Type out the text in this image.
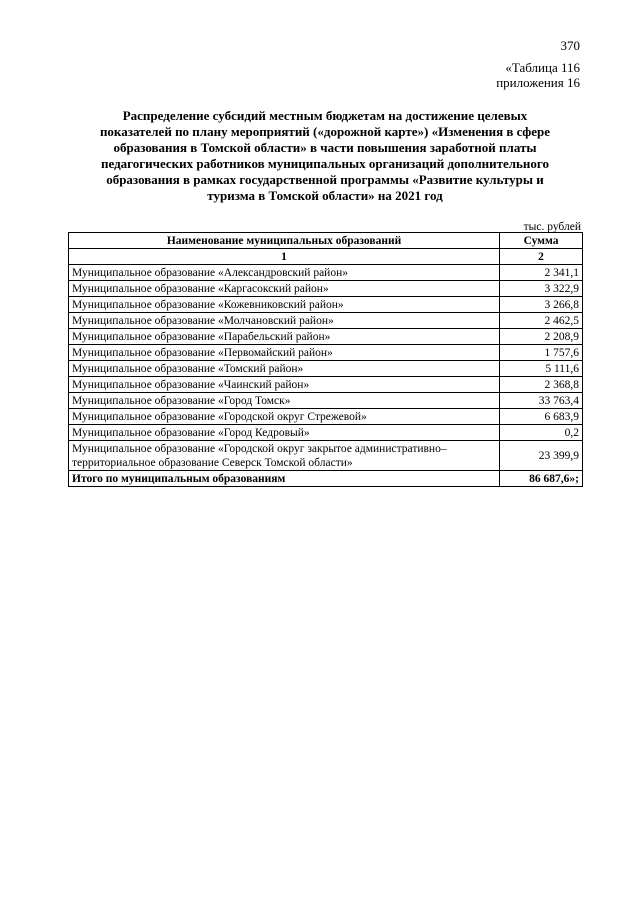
370
«Таблица 116
приложения 16
Распределение субсидий местным бюджетам на достижение целевых
показателей по плану мероприятий («дорожной карте») «Изменения в сфере
образования в Томской области» в части повышения заработной платы
педагогических работников муниципальных организаций дополнительного
образования в рамках государственной программы «Развитие культуры и
туризма в Томской области» на 2021 год
тыс. рублей
Наименование муниципальных образований	Сумма
1	2
Муниципальное образование «Александровский район»	2 341,1
Муниципальное образование «Каргасокский район»	3 322,9
Муниципальное образование «Кожевниковский район»	3 266,8
Муниципальное образование «Молчановский район»	2 462,5
Муниципальное образование «Парабельский район»	2 208,9
Муниципальное образование «Первомайский район»	1 757,6
Муниципальное образование «Томский район»	5 111,6
Муниципальное образование «Чаинский район»	2 368,8
Муниципальное образование «Город Томск»	33 763,4
Муниципальное образование «Городской округ Стрежевой»	6 683,9
Муниципальное образование «Город Кедровый»	0,2

Муниципальное образование «Городской округ закрытое административно–
территориальное образование Северск Томской области»	23 399,9
Итого по муниципальным образованиям	86 687,6»;
